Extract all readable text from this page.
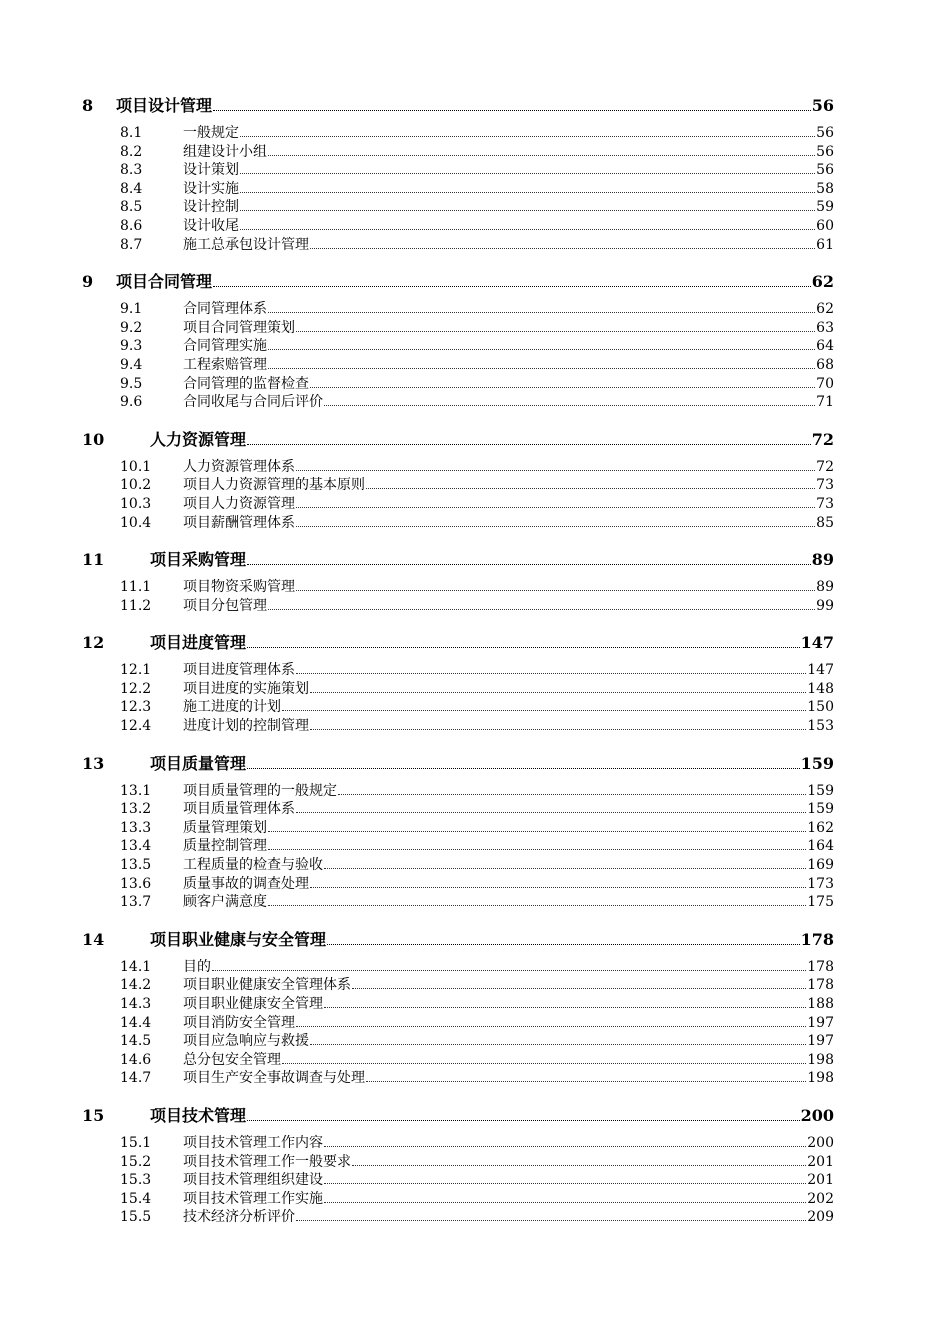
8	项目设计管理	56
8.1	一般规定	56
8.2	组建设计小组	56
8.3	设计策划	56
8.4	设计实施	58
8.5	设计控制	59
8.6	设计收尾	60
8.7	施工总承包设计管理	61
9	项目合同管理	62
9.1	合同管理体系	62
9.2	项目合同管理策划	63
9.3	合同管理实施	64
9.4	工程索赔管理	68
9.5	合同管理的监督检查	70
9.6	合同收尾与合同后评价	71
10	人力资源管理	72
10.1	人力资源管理体系	72
10.2	项目人力资源管理的基本原则	73
10.3	项目人力资源管理	73
10.4	项目薪酬管理体系	85
11	项目采购管理	89
11.1	项目物资采购管理	89
11.2	项目分包管理	99
12	项目进度管理	147
12.1	项目进度管理体系	147
12.2	项目进度的实施策划	148
12.3	施工进度的计划	150
12.4	进度计划的控制管理	153
13	项目质量管理	159
13.1	项目质量管理的一般规定	159
13.2	项目质量管理体系	159
13.3	质量管理策划	162
13.4	质量控制管理	164
13.5	工程质量的检查与验收	169
13.6	质量事故的调查处理	173
13.7	顾客户满意度	175
14	项目职业健康与安全管理	178
14.1	目的	178
14.2	项目职业健康安全管理体系	178
14.3	项目职业健康安全管理	188
14.4	项目消防安全管理	197
14.5	项目应急响应与救援	197
14.6	总分包安全管理	198
14.7	项目生产安全事故调查与处理	198
15	项目技术管理	200
15.1	项目技术管理工作内容	200
15.2	项目技术管理工作一般要求	201
15.3	项目技术管理组织建设	201
15.4	项目技术管理工作实施	202
15.5	技术经济分析评价	209
